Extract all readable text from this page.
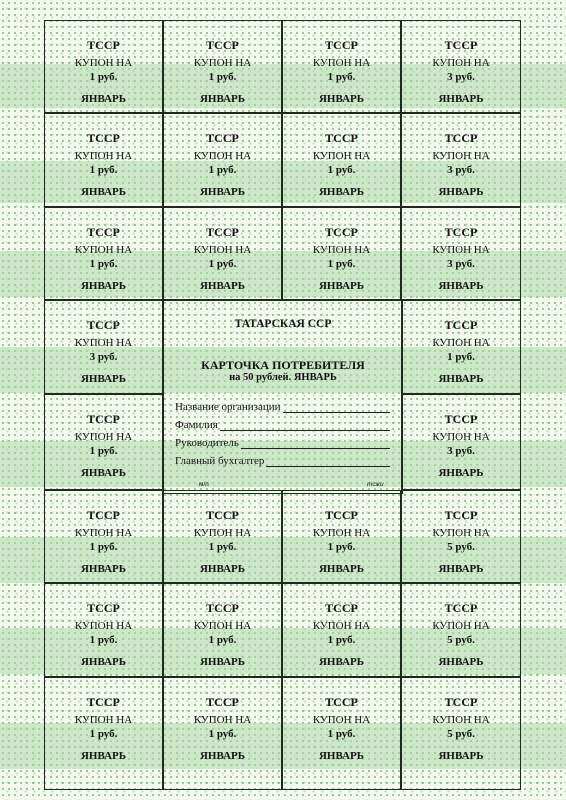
ТССР
КУПОН НА
1 руб.
ЯНВАРЬ
ТССР
КУПОН НА
1 руб.
ЯНВАРЬ
ТССР
КУПОН НА
1 руб.
ЯНВАРЬ
ТССР
КУПОН НА
3 руб.
ЯНВАРЬ
ТССР
КУПОН НА
1 руб.
ЯНВАРЬ
ТССР
КУПОН НА
1 руб.
ЯНВАРЬ
ТССР
КУПОН НА
1 руб.
ЯНВАРЬ
ТССР
КУПОН НА
3 руб.
ЯНВАРЬ
ТССР
КУПОН НА
1 руб.
ЯНВАРЬ
ТССР
КУПОН НА
1 руб.
ЯНВАРЬ
ТССР
КУПОН НА
1 руб.
ЯНВАРЬ
ТССР
КУПОН НА
3 руб.
ЯНВАРЬ
ТССР
КУПОН НА
3 руб.
ЯНВАРЬ
ТССР
КУПОН НА
1 руб.
ЯНВАРЬ
ТССР
КУПОН НА
1 руб.
ЯНВАРЬ
ТССР
КУПОН НА
3 руб.
ЯНВАРЬ
ТССР
КУПОН НА
1 руб.
ЯНВАРЬ
ТССР
КУПОН НА
1 руб.
ЯНВАРЬ
ТССР
КУПОН НА
1 руб.
ЯНВАРЬ
ТССР
КУПОН НА
5 руб.
ЯНВАРЬ
ТССР
КУПОН НА
1 руб.
ЯНВАРЬ
ТССР
КУПОН НА
1 руб.
ЯНВАРЬ
ТССР
КУПОН НА
1 руб.
ЯНВАРЬ
ТССР
КУПОН НА
5 руб.
ЯНВАРЬ
ТССР
КУПОН НА
1 руб.
ЯНВАРЬ
ТССР
КУПОН НА
1 руб.
ЯНВАРЬ
ТССР
КУПОН НА
1 руб.
ЯНВАРЬ
ТССР
КУПОН НА
5 руб.
ЯНВАРЬ
ТАТАРСКАЯ ССР
КАРТОЧКА ПОТРЕБИТЕЛЯ
на 50 рублей. ЯНВАРЬ
Название организации
Фамилия
Руководитель
Главный бухгалтер
м/п	тсжи
